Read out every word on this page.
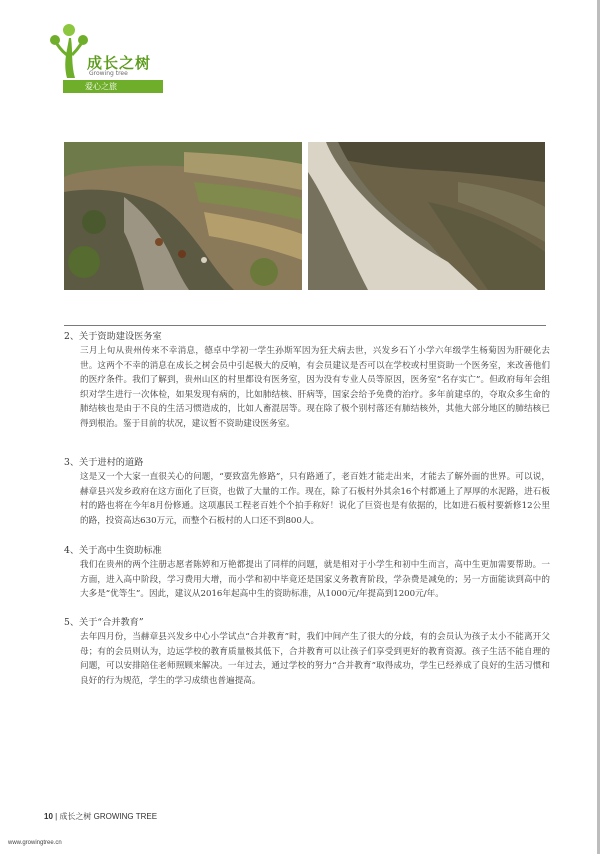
成长之树
Growing tree
爱心之旅

2、关于资助建设医务室

三月上旬从贵州传来不幸消息，德卓中学初一学生孙斯军因为狂犬病去世，兴发乡石丫小学六年级学生杨菊因为肝硬化去世。这两个不幸的消息在成长之树会员中引起极大的反响，有会员建议是否可以在学校或村里资助一个医务室，来改善他们的医疗条件。我们了解到，贵州山区的村里都设有医务室，因为没有专业人员等原因，医务室“名存实亡”。但政府每年会组织对学生进行一次体检，如果发现有病的，比如肺结核、肝病等，国家会给予免费的治疗。多年前建卓的，夺取众多生命的肺结核也是由于不良的生活习惯造成的，比如人畜混居等。现在除了极个别村落还有肺结核外，其他大部分地区的肺结核已得到根治。鉴于目前的状况，建议暂不资助建设医务室。

3、关于进村的道路

这是又一个大家一直很关心的问题，“要致富先修路”，只有路通了，老百姓才能走出来，才能去了解外面的世界。可以说，赫章县兴发乡政府在这方面化了巨资，也做了大量的工作。现在，除了石板村外其余16个村都通上了厚厚的水泥路，进石板村的路也将在今年8月份修通。这项惠民工程老百姓个个拍手称好！说化了巨资也是有依据的，比如进石板村要新修12公里的路，投资高达630万元，而整个石板村的人口还不到800人。

4、关于高中生资助标准

我们在贵州的两个注册志愿者陈婷和万艳都提出了同样的问题，就是相对于小学生和初中生而言，高中生更加需要帮助。一方面，进入高中阶段，学习费用大增，而小学和初中毕竟还是国家义务教育阶段，学杂费是减免的；另一方面能读到高中的大多是“优等生”。因此，建议从2016年起高中生的资助标准，从1000元/年提高到1200元/年。

5、关于“合并教育”

去年四月份，当赫章县兴发乡中心小学试点“合并教育”时，我们中间产生了很大的分歧，有的会员认为孩子太小不能离开父母；有的会员则认为，边远学校的教育质量极其低下，合并教育可以让孩子们享受到更好的教育资源。孩子生活不能自理的问题，可以安排陪住老师照顾来解决。一年过去，通过学校的努力“合并教育”取得成功，学生已经养成了良好的生活习惯和良好的行为规范，学生的学习成绩也普遍提高。

10 | 成长之树 GROWING TREE
www.growingtree.cn
